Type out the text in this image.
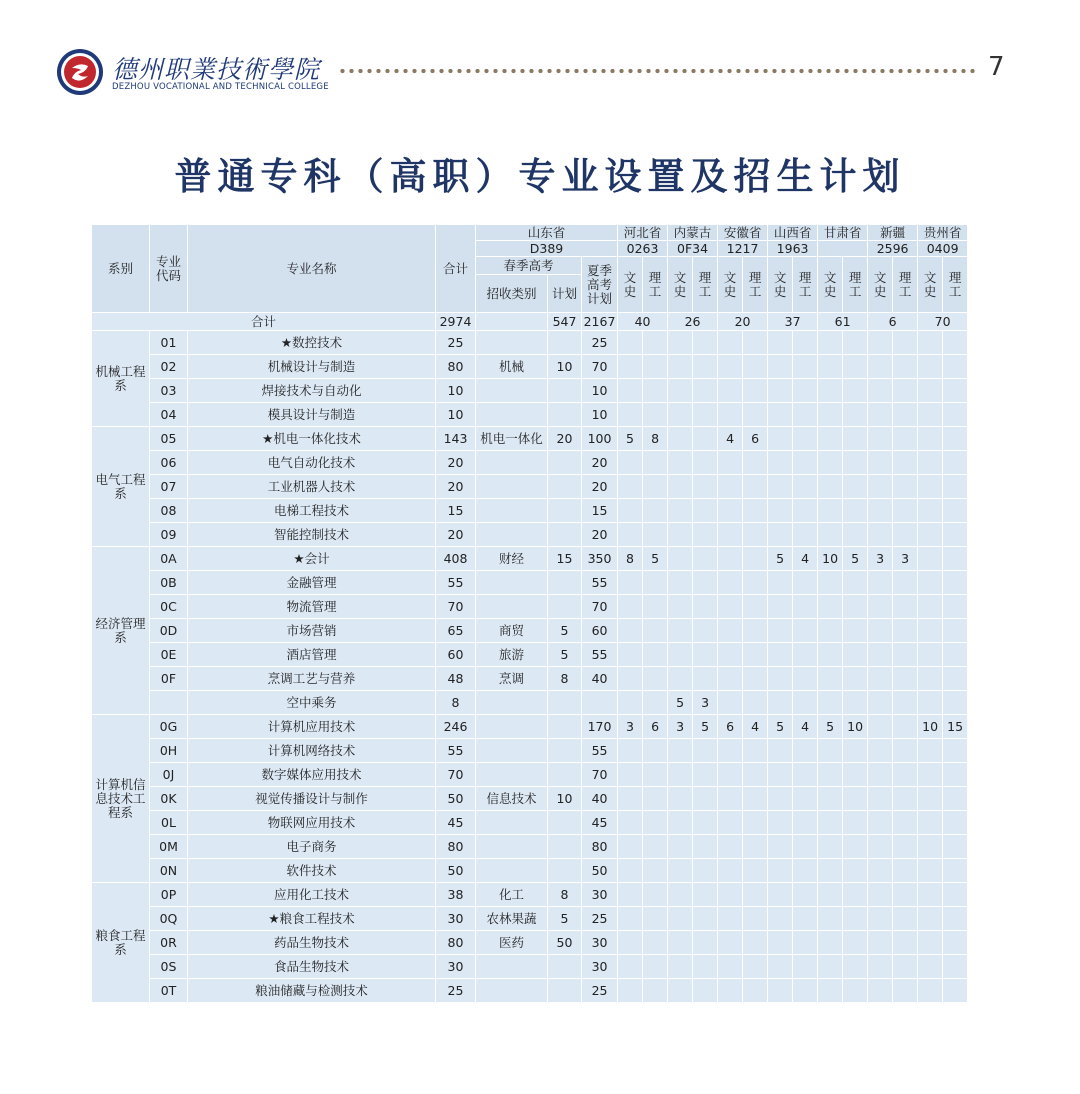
德州职業技術學院
DEZHOU VOCATIONAL AND TECHNICAL COLLEGE
7
普通专科（高职）专业设置及招生计划
系别	专业代码	专业名称	合计	山东省			河北省		内蒙古		安徽省		山西省		甘肃省		新疆		贵州省	
				D389			0263		0F34		1217		1963				2596		0409	
				春季高考		夏季高考计划	文史	理工	文史	理工	文史	理工	文史	理工	文史	理工	文史	理工	文史	理工
				招收类别	计划															
合计			2974		547	2167	40		26		20		37		61		6		70	
机械工程系	01	★数控技术	25			25														
	02	机械设计与制造	80	机械	10	70														
	03	焊接技术与自动化	10			10														
	04	模具设计与制造	10			10														
电气工程系	05	★机电一体化技术	143	机电一体化	20	100	5	8			4	6								
	06	电气自动化技术	20			20														
	07	工业机器人技术	20			20														
	08	电梯工程技术	15			15														
	09	智能控制技术	20			20														
经济管理系	0A	★会计	408	财经	15	350	8	5					5	4	10	5	3	3		
	0B	金融管理	55			55														
	0C	物流管理	70			70														
	0D	市场营销	65	商贸	5	60														
	0E	酒店管理	60	旅游	5	55														
	0F	烹调工艺与营养	48	烹调	8	40														
		空中乘务	8						5	3										
计算机信息技术工程系	0G	计算机应用技术	246			170	3	6	3	5	6	4	5	4	5	10			10	15
	0H	计算机网络技术	55			55														
	0J	数字媒体应用技术	70			70														
	0K	视觉传播设计与制作	50	信息技术	10	40														
	0L	物联网应用技术	45			45														
	0M	电子商务	80			80														
	0N	软件技术	50			50														
粮食工程系	0P	应用化工技术	38	化工	8	30														
	0Q	★粮食工程技术	30	农林果蔬	5	25														
	0R	药品生物技术	80	医药	50	30														
	0S	食品生物技术	30			30														
	0T	粮油储藏与检测技术	25			25														
